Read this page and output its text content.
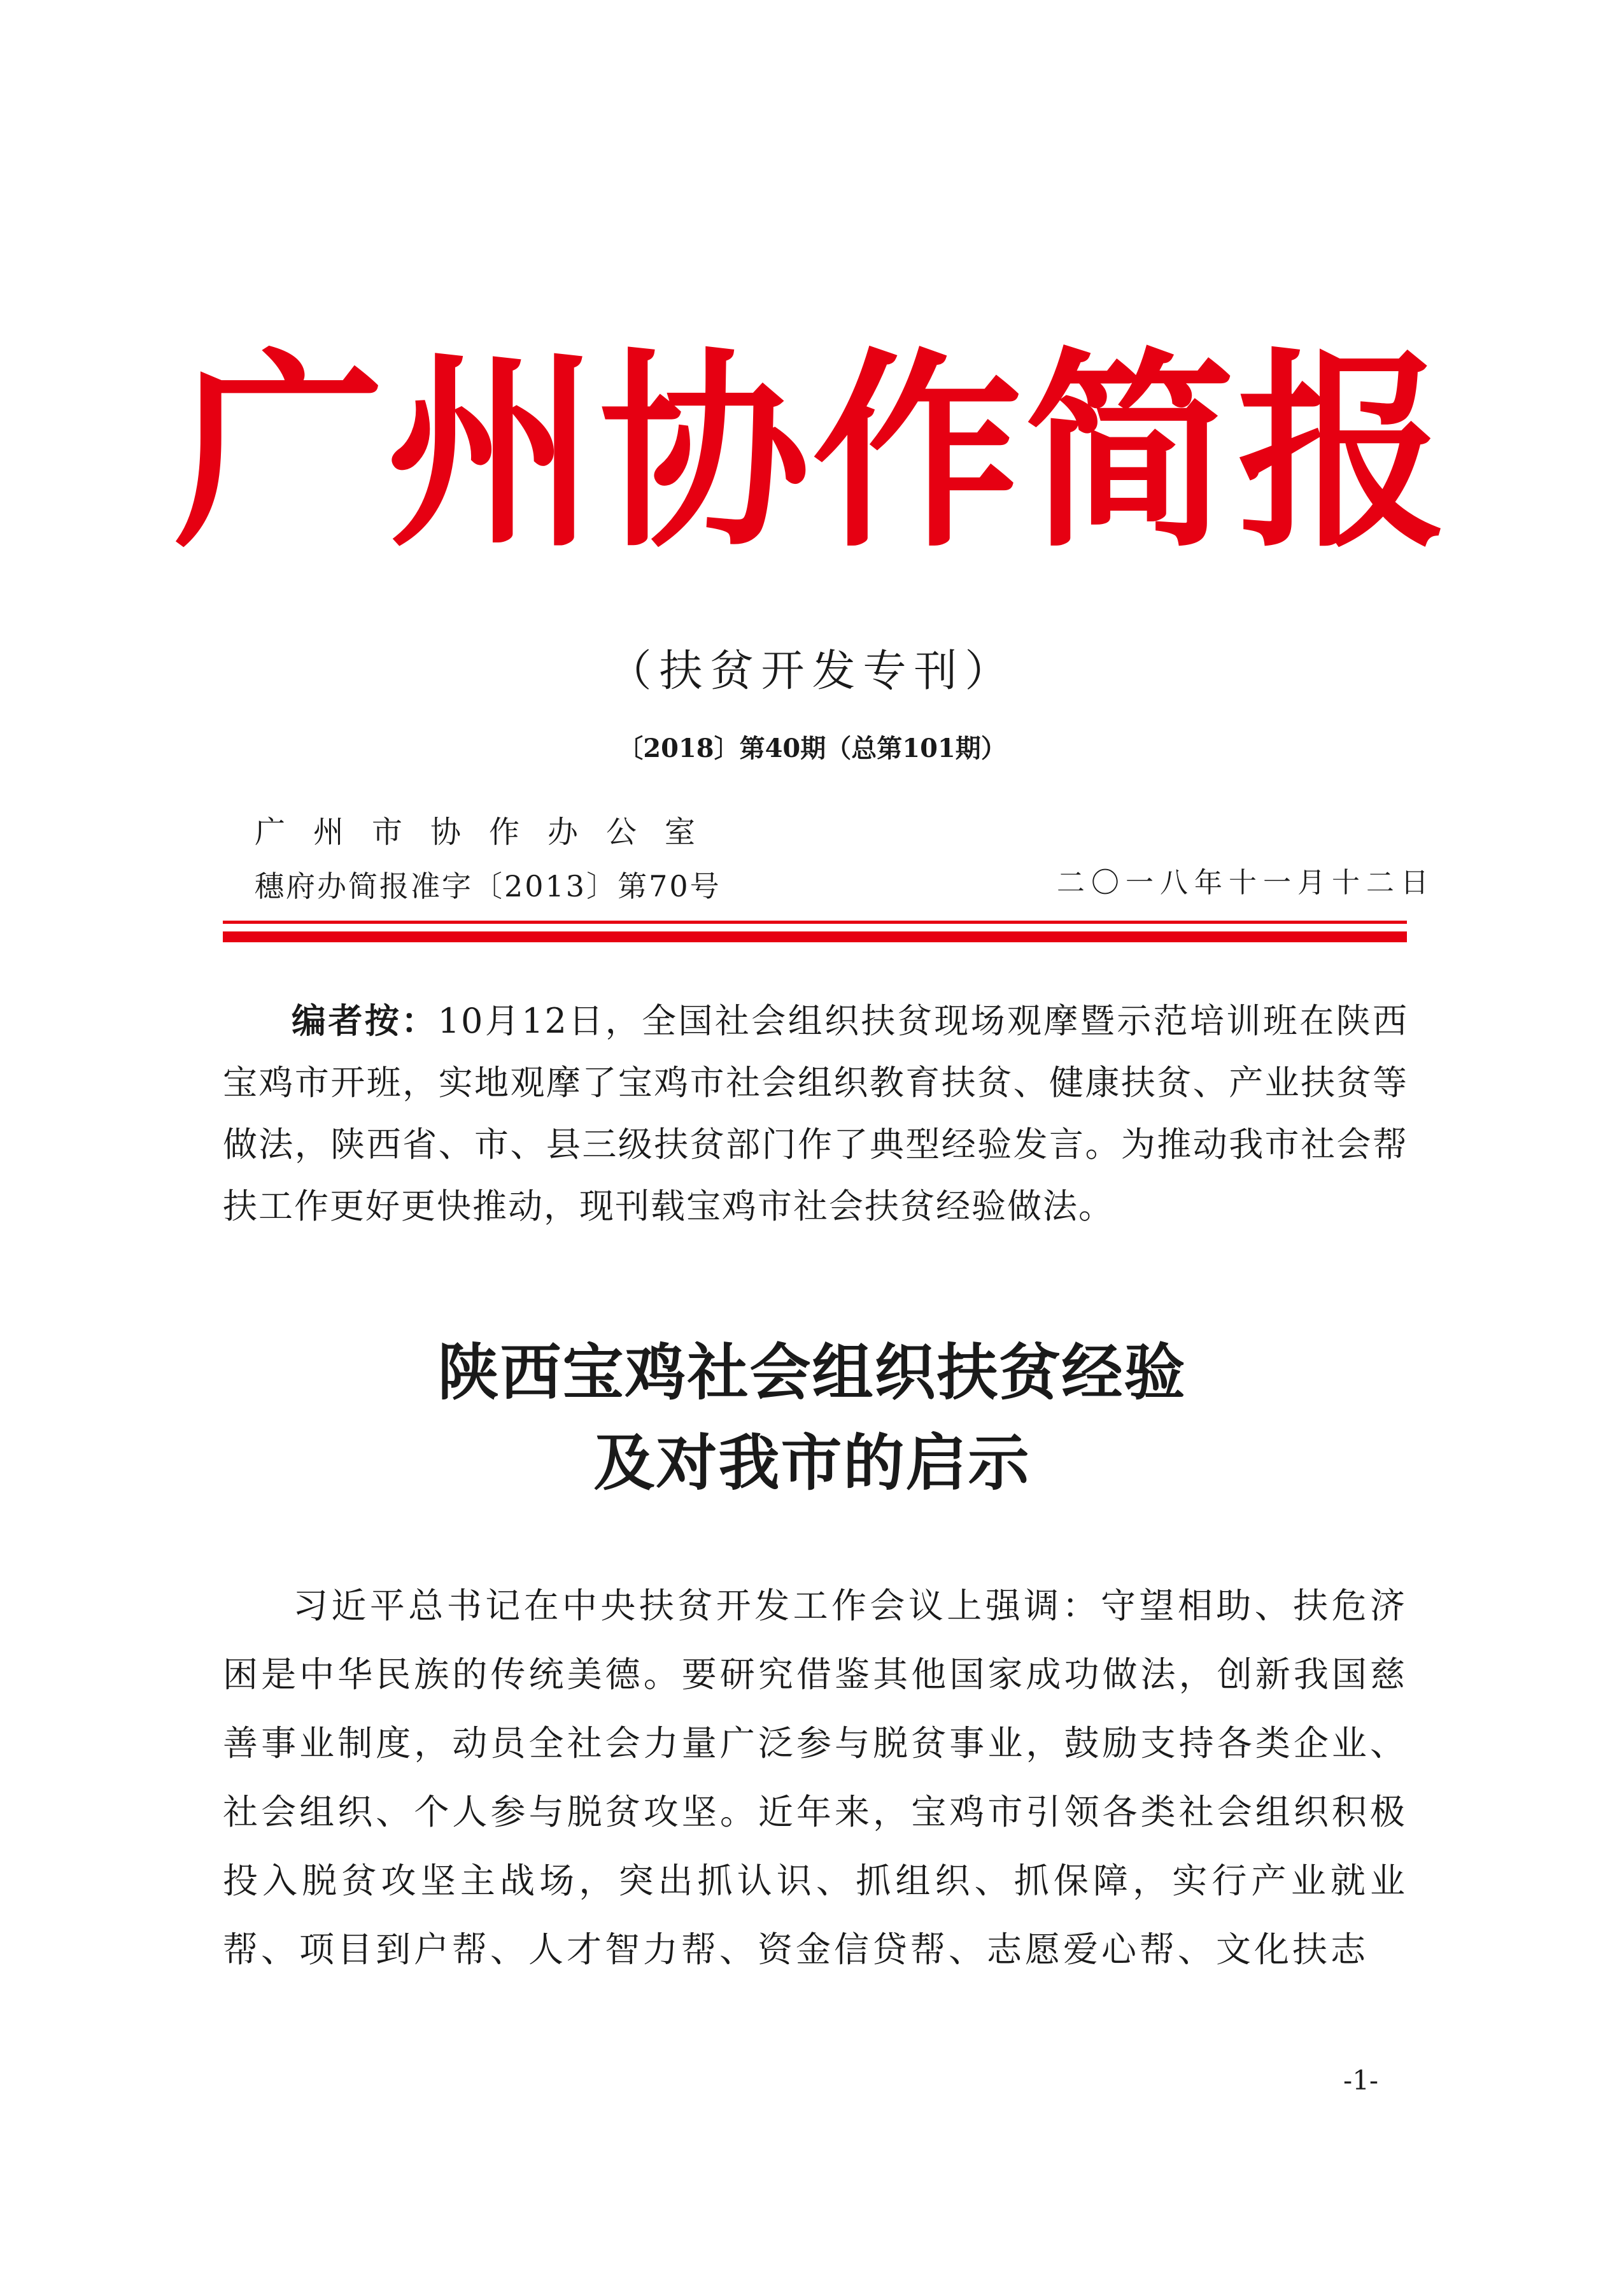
广州协作简报
（扶贫开发专刊）
〔2018〕第40期（总第101期）
广州市协作办公室
穗府办简报准字〔2013〕第70号	二〇一八年十一月十二日

编者按：10月12日，全国社会组织扶贫现场观摩暨示范培训班在陕西宝鸡市开班，实地观摩了宝鸡市社会组织教育扶贫、健康扶贫、产业扶贫等做法，陕西省、市、县三级扶贫部门作了典型经验发言。为推动我市社会帮扶工作更好更快推动，现刊载宝鸡市社会扶贫经验做法。

陕西宝鸡社会组织扶贫经验
及对我市的启示

习近平总书记在中央扶贫开发工作会议上强调：守望相助、扶危济困是中华民族的传统美德。要研究借鉴其他国家成功做法，创新我国慈善事业制度，动员全社会力量广泛参与脱贫事业，鼓励支持各类企业、社会组织、个人参与脱贫攻坚。近年来，宝鸡市引领各类社会组织积极投入脱贫攻坚主战场，突出抓认识、抓组织、抓保障，实行产业就业帮、项目到户帮、人才智力帮、资金信贷帮、志愿爱心帮、文化扶志

-1-
